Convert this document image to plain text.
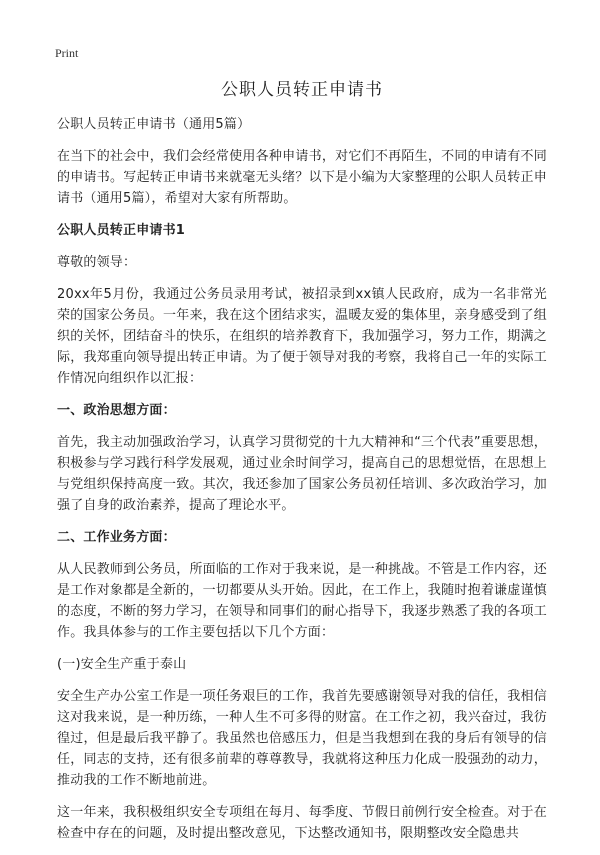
Print
公职人员转正申请书
公职人员转正申请书（通用5篇）

在当下的社会中，我们会经常使用各种申请书，对它们不再陌生，不同的申请有不同的申请书。写起转正申请书来就毫无头绪？以下是小编为大家整理的公职人员转正申请书（通用5篇），希望对大家有所帮助。

公职人员转正申请书1

尊敬的领导：

20xx年5月份，我通过公务员录用考试，被招录到xx镇人民政府，成为一名非常光荣的国家公务员。一年来，我在这个团结求实，温暖友爱的集体里，亲身感受到了组织的关怀，团结奋斗的快乐，在组织的培养教育下，我加强学习，努力工作，期满之际，我郑重向领导提出转正申请。为了便于领导对我的考察，我将自己一年的实际工作情况向组织作以汇报：

一、政治思想方面：

首先，我主动加强政治学习，认真学习贯彻党的十九大精神和“三个代表”重要思想，积极参与学习践行科学发展观，通过业余时间学习，提高自己的思想觉悟，在思想上与党组织保持高度一致。其次，我还参加了国家公务员初任培训、多次政治学习，加强了自身的政治素养，提高了理论水平。

二、工作业务方面：

从人民教师到公务员，所面临的工作对于我来说，是一种挑战。不管是工作内容，还是工作对象都是全新的，一切都要从头开始。因此，在工作上，我随时抱着谦虚谨慎的态度，不断的努力学习，在领导和同事们的耐心指导下，我逐步熟悉了我的各项工作。我具体参与的工作主要包括以下几个方面：

(一)安全生产重于泰山

安全生产办公室工作是一项任务艰巨的工作，我首先要感谢领导对我的信任，我相信这对我来说，是一种历练，一种人生不可多得的财富。在工作之初，我兴奋过，我彷徨过，但是最后我平静了。我虽然也倍感压力，但是当我想到在我的身后有领导的信任，同志的支持，还有很多前辈的尊尊教导，我就将这种压力化成一股强劲的动力，推动我的工作不断地前进。

这一年来，我积极组织安全专项组在每月、每季度、节假日前例行安全检查。对于在检查中存在的问题，及时提出整改意见，下达整改通知书，限期整改安全隐患共
